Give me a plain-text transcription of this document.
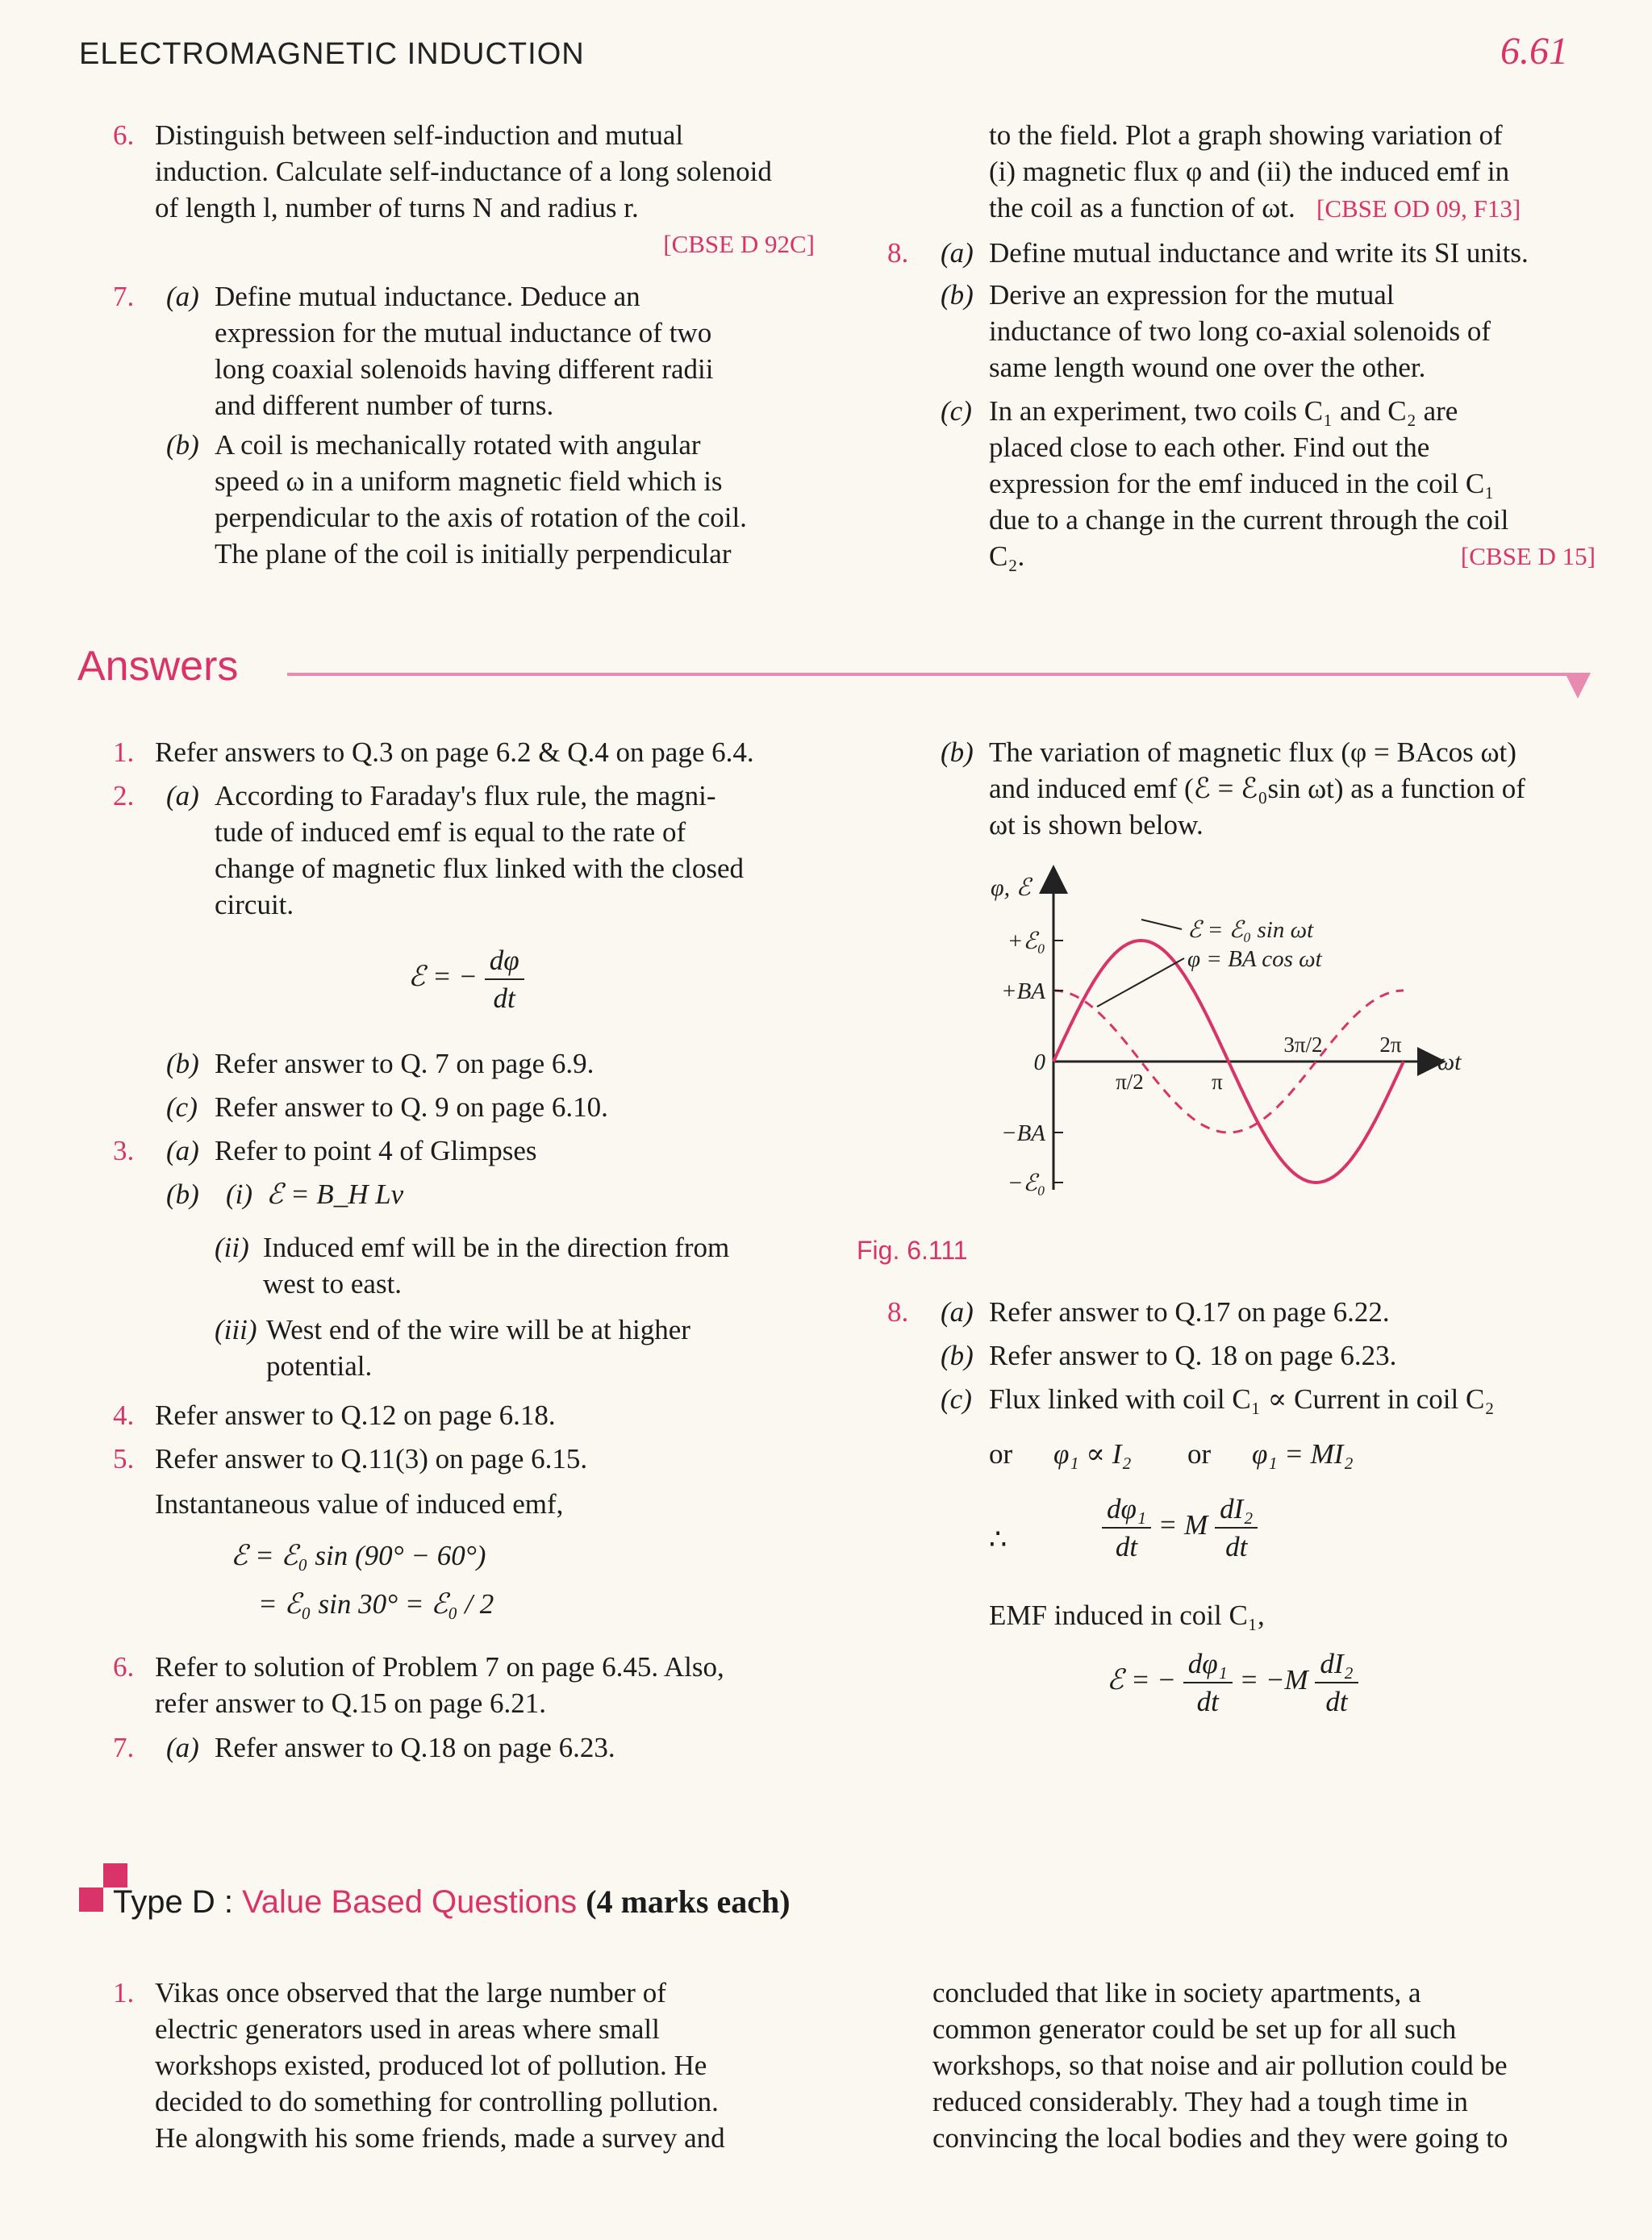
ELECTROMAGNETIC INDUCTION	6.61
6. Distinguish between self-induction and mutual
induction. Calculate self-inductance of a long solenoid
of length l, number of turns N and radius r.
[CBSE D 92C]
7. (a) Define mutual inductance. Deduce an
expression for the mutual inductance of two
long coaxial solenoids having different radii
and different number of turns.
(b) A coil is mechanically rotated with angular
speed ω in a uniform magnetic field which is
perpendicular to the axis of rotation of the coil.
The plane of the coil is initially perpendicular
to the field. Plot a graph showing variation of
(i) magnetic flux φ and (ii) the induced emf in
the coil as a function of ωt. [CBSE OD 09, F13]
8. (a) Define mutual inductance and write its SI units.
(b) Derive an expression for the mutual
inductance of two long co-axial solenoids of
same length wound one over the other.
(c) In an experiment, two coils C₁ and C₂ are
placed close to each other. Find out the
expression for the emf induced in the coil C₁
due to a change in the current through the coil
C₂.	[CBSE D 15]
Answers
1. Refer answers to Q.3 on page 6.2 & Q.4 on page 6.4.
2. (a) According to Faraday's flux rule, the magni-
tude of induced emf is equal to the rate of
change of magnetic flux linked with the closed
circuit.
ℰ = − $\frac{d\varphi}{dt}$
(b) Refer answer to Q. 7 on page 6.9.
(c) Refer answer to Q. 9 on page 6.10.
3. (a) Refer to point 4 of Glimpses
(b) (i) ℰ = B_H Lv
(ii) Induced emf will be in the direction from
west to east.
(iii) West end of the wire will be at higher
potential.
4. Refer answer to Q.12 on page 6.18.
5. Refer answer to Q.11(3) on page 6.15.
Instantaneous value of induced emf,
ℰ = ℰ₀ sin (90° − 60°)
= ℰ₀ sin 30° = ℰ₀ / 2
6. Refer to solution of Problem 7 on page 6.45. Also,
refer answer to Q.15 on page 6.21.
7. (a) Refer answer to Q.18 on page 6.23.
(b) The variation of magnetic flux (φ = BAcos ωt)
and induced emf (ℰ = ℰ₀sin ωt) as a function of
ωt is shown below.
+ℰ₀
+BA
0
−BA
−ℰ₀
π/2	π
3π/2	2π
φ, ℰ
ωt
ℰ = ℰ₀ sin ωt
φ = BA cos ωt
Fig. 6.111
8. (a) Refer answer to Q.17 on page 6.22.
(b) Refer answer to Q. 18 on page 6.23.
(c) Flux linked with coil C₁ ∝ Current in coil C₂
or φ₁ ∝ I₂ or φ₁ = MI₂
∴	$\frac{\text{dφ₁}}{dt} = M \frac{\text{dI₂}}{dt}$
EMF induced in coil C₁,
ℰ = − $\frac{\text{dφ₁}}{dt} = -M \frac{\text{dI₂}}{dt}$
Type D : Value Based Questions (4 marks each)
1. Vikas once observed that the large number of
electric generators used in areas where small
workshops existed, produced lot of pollution. He
decided to do something for controlling pollution.
He alongwith his some friends, made a survey and
concluded that like in society apartments, a
common generator could be set up for all such
workshops, so that noise and air pollution could be
reduced considerably. They had a tough time in
convincing the local bodies and they were going to
